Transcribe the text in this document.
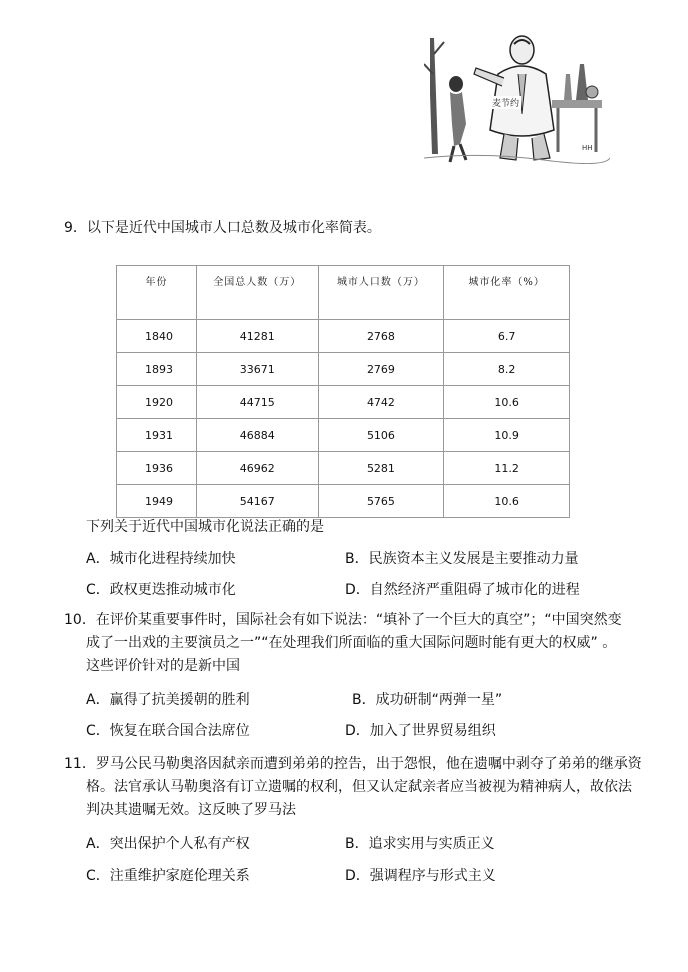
HH
麦节约
9．以下是近代中国城市人口总数及城市化率简表。
年份	全国总人数（万）	城市人口数（万）	城市化率（%）
1840	41281	2768	6.7
1893	33671	2769	8.2
1920	44715	4742	10.6
1931	46884	5106	10.9
1936	46962	5281	11.2
1949	54167	5765	10.6
下列关于近代中国城市化说法正确的是
A．城市化进程持续加快	B．民族资本主义发展是主要推动力量
C．政权更迭推动城市化	D．自然经济严重阻碍了城市化的进程
10．在评价某重要事件时，国际社会有如下说法：“填补了一个巨大的真空”；“中国突然变
成了一出戏的主要演员之一”“在处理我们所面临的重大国际问题时能有更大的权威” 。
这些评价针对的是新中国
A．赢得了抗美援朝的胜利	B．成功研制“两弹一星”
C．恢复在联合国合法席位	D．加入了世界贸易组织
11．罗马公民马勒奥洛因弑亲而遭到弟弟的控告，出于怨恨，他在遗嘱中剥夺了弟弟的继承资
格。法官承认马勒奥洛有订立遗嘱的权利，但又认定弑亲者应当被视为精神病人，故依法
判决其遗嘱无效。这反映了罗马法
A．突出保护个人私有产权	B．追求实用与实质正义
C．注重维护家庭伦理关系	D．强调程序与形式主义
